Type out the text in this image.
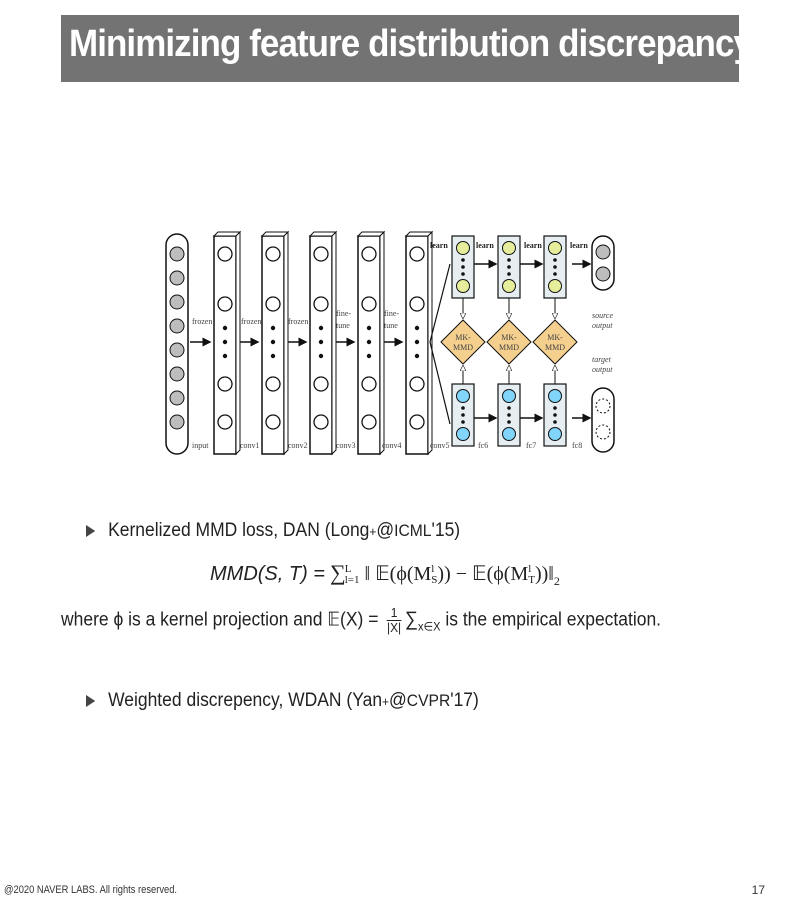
Minimizing feature distribution discrepancy
input
frozen	frozen	frozen
fine-
tune
fine-
tune
MK-
MMD
MK-
MMD
MK-
MMD
learn	learn	learn	learn
source
output
target
output
conv1	conv2	conv3	conv4	conv5	fc6	fc7	fc8
Kernelized MMD loss, DAN (Long + @ ICML '15)
MMD(S, T) = ∑ L
l=1 ‖ 𝔼(ϕ(M l
S )) − 𝔼(ϕ(M l
T ))$‖_2$
where ϕ is a kernel projection and 𝔼(X) = $\frac{1}{|X|} \sum_{x\in X}$ is the empirical expectation.
Weighted discrepency, WDAN (Yan + @ CVPR '17)
@2020 NAVER LABS. All rights reserved.	17
